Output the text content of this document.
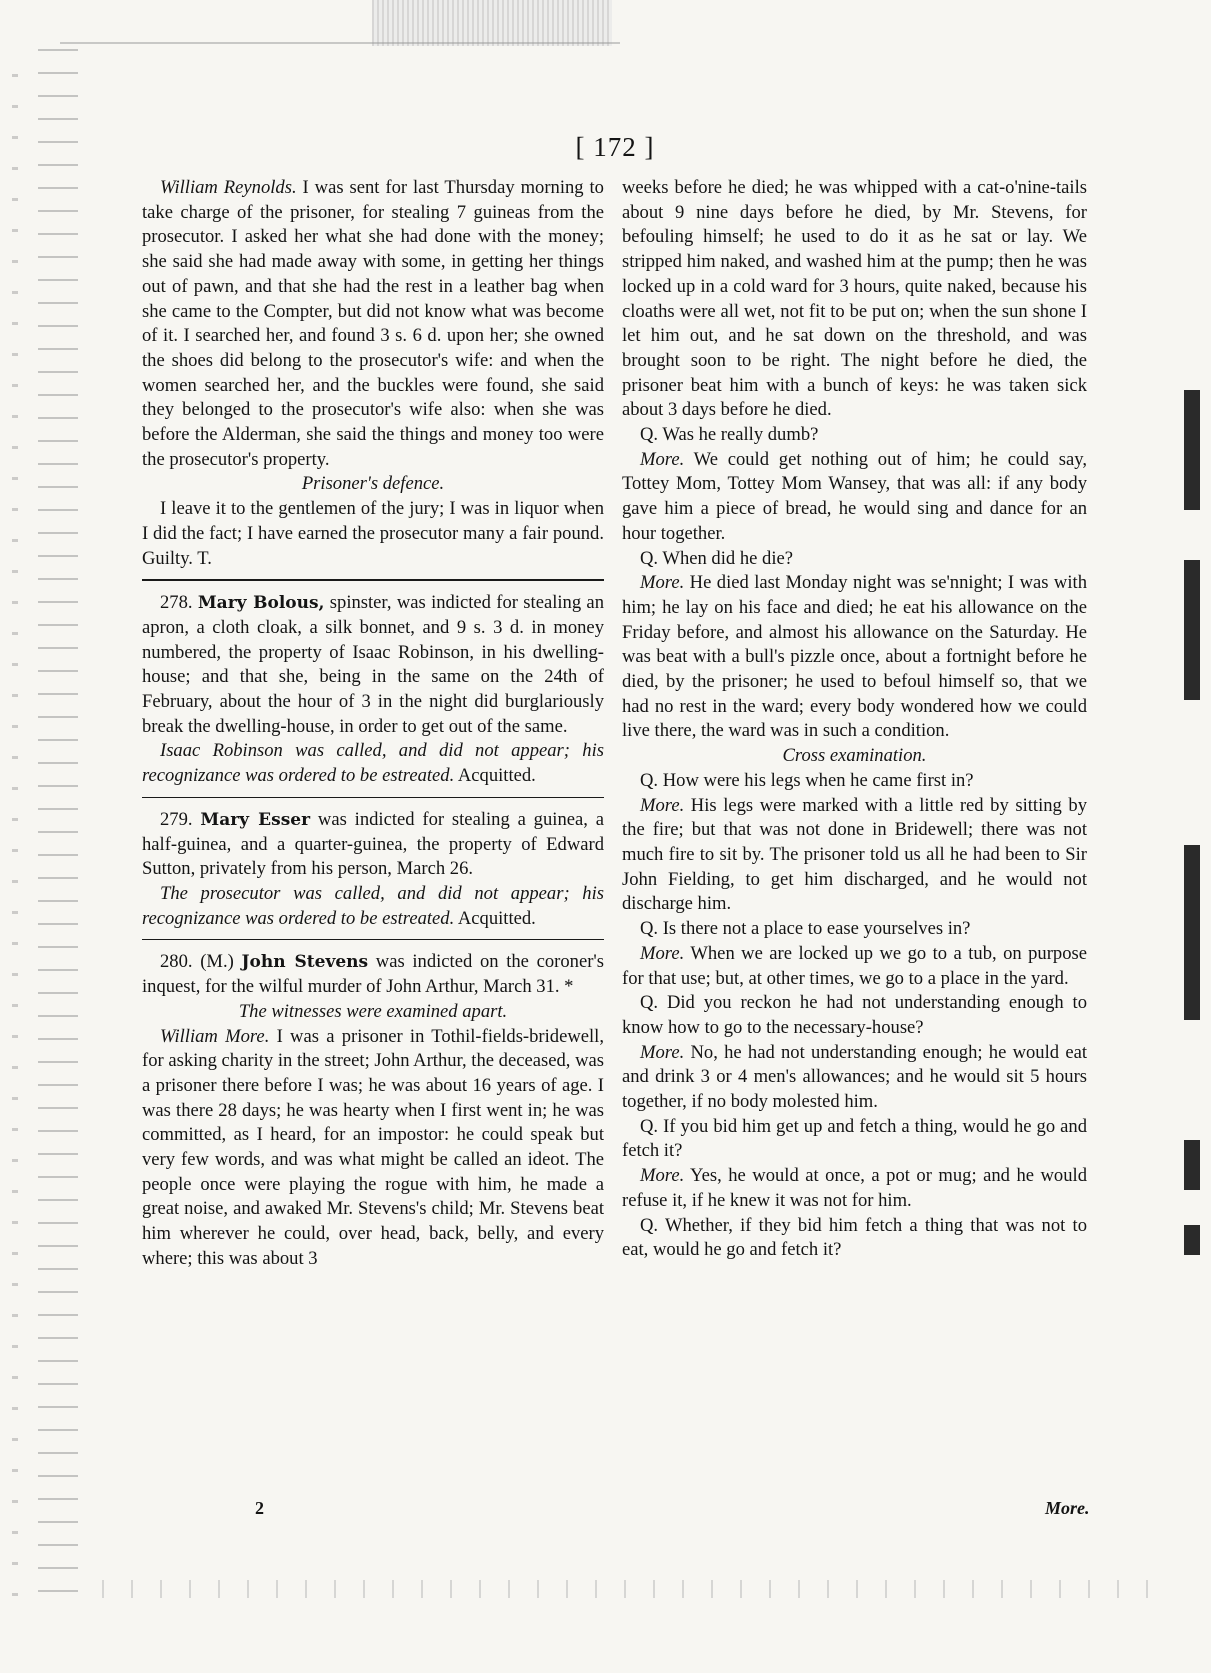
[ 172 ]

William Reynolds. I was sent for last Thursday morning to take charge of the prisoner, for stealing 7 guineas from the prosecutor. I asked her what she had done with the money; she said she had made away with some, in getting her things out of pawn, and that she had the rest in a leather bag when she came to the Compter, but did not know what was become of it. I searched her, and found 3 s. 6 d. upon her; she owned the shoes did belong to the prosecutor's wife: and when the women searched her, and the buckles were found, she said they belonged to the prosecutor's wife also: when she was before the Alderman, she said the things and money too were the prosecutor's property.

Prisoner's defence.

I leave it to the gentlemen of the jury; I was in liquor when I did the fact; I have earned the prosecutor many a fair pound. Guilty. T.

278. Mary Bolous, spinster, was indicted for stealing an apron, a cloth cloak, a silk bonnet, and 9 s. 3 d. in money numbered, the property of Isaac Robinson, in his dwelling-house; and that she, being in the same on the 24th of February, about the hour of 3 in the night did burglariously break the dwelling-house, in order to get out of the same.

Isaac Robinson was called, and did not appear; his recognizance was ordered to be estreated. Acquitted.

279. Mary Esser was indicted for stealing a guinea, a half-guinea, and a quarter-guinea, the property of Edward Sutton, privately from his person, March 26.

The prosecutor was called, and did not appear; his recognizance was ordered to be estreated. Acquitted.

280. (M.) John Stevens was indicted on the coroner's inquest, for the wilful murder of John Arthur, March 31. *

The witnesses were examined apart.

William More. I was a prisoner in Tothil-fields-bridewell, for asking charity in the street; John Arthur, the deceased, was a prisoner there before I was; he was about 16 years of age. I was there 28 days; he was hearty when I first went in; he was committed, as I heard, for an impostor: he could speak but very few words, and was what might be called an ideot. The people once were playing the rogue with him, he made a great noise, and awaked Mr. Stevens's child; Mr. Stevens beat him wherever he could, over head, back, belly, and every where; this was about 3

weeks before he died; he was whipped with a cat-o'nine-tails about 9 nine days before he died, by Mr. Stevens, for befouling himself; he used to do it as he sat or lay. We stripped him naked, and washed him at the pump; then he was locked up in a cold ward for 3 hours, quite naked, because his cloaths were all wet, not fit to be put on; when the sun shone I let him out, and he sat down on the threshold, and was brought soon to be right. The night before he died, the prisoner beat him with a bunch of keys: he was taken sick about 3 days before he died.

Q. Was he really dumb?

More. We could get nothing out of him; he could say, Tottey Mom, Tottey Mom Wansey, that was all: if any body gave him a piece of bread, he would sing and dance for an hour together.

Q. When did he die?

More. He died last Monday night was se'nnight; I was with him; he lay on his face and died; he eat his allowance on the Friday before, and almost his allowance on the Saturday. He was beat with a bull's pizzle once, about a fortnight before he died, by the prisoner; he used to befoul himself so, that we had no rest in the ward; every body wondered how we could live there, the ward was in such a condition.

Cross examination.

Q. How were his legs when he came first in?

More. His legs were marked with a little red by sitting by the fire; but that was not done in Bridewell; there was not much fire to sit by. The prisoner told us all he had been to Sir John Fielding, to get him discharged, and he would not discharge him.

Q. Is there not a place to ease yourselves in?

More. When we are locked up we go to a tub, on purpose for that use; but, at other times, we go to a place in the yard.

Q. Did you reckon he had not understanding enough to know how to go to the necessary-house?

More. No, he had not understanding enough; he would eat and drink 3 or 4 men's allowances; and he would sit 5 hours together, if no body molested him.

Q. If you bid him get up and fetch a thing, would he go and fetch it?

More. Yes, he would at once, a pot or mug; and he would refuse it, if he knew it was not for him.

Q. Whether, if they bid him fetch a thing that was not to eat, would he go and fetch it?

2	More.
